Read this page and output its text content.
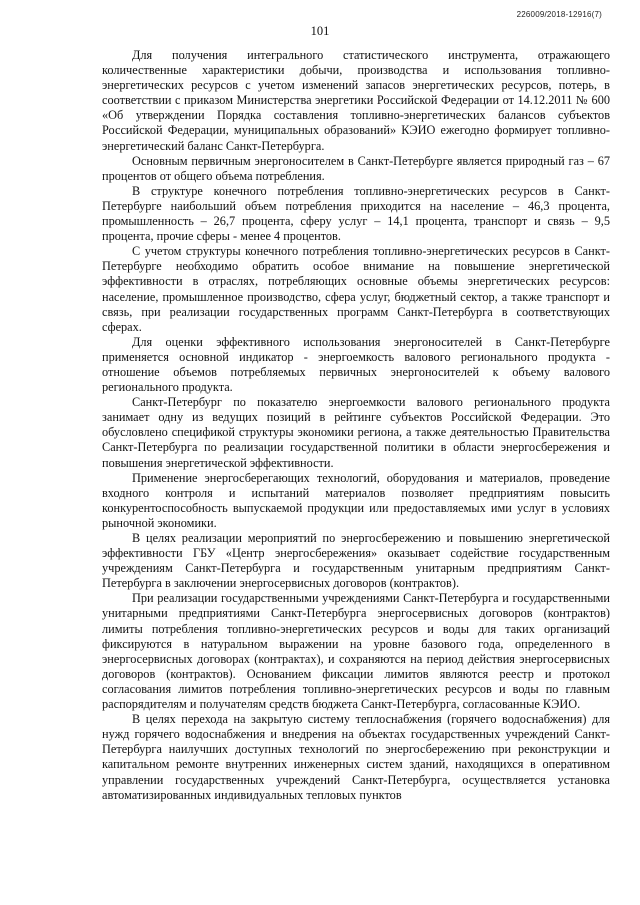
226009/2018-12916(7)
101

Для получения интегрального статистического инструмента, отражающего количественные характеристики добычи, производства и использования топливно-энергетических ресурсов с учетом изменений запасов энергетических ресурсов, потерь, в соответствии с приказом Министерства энергетики Российской Федерации от 14.12.2011 № 600 «Об утверждении Порядка составления топливно-энергетических балансов субъектов Российской Федерации, муниципальных образований» КЭИО ежегодно формирует топливно-энергетический баланс Санкт-Петербурга.

Основным первичным энергоносителем в Санкт-Петербурге является природный газ – 67 процентов от общего объема потребления.

В структуре конечного потребления топливно-энергетических ресурсов в Санкт-Петербурге наибольший объем потребления приходится на население – 46,3 процента, промышленность – 26,7 процента, сферу услуг – 14,1 процента, транспорт и связь – 9,5 процента, прочие сферы - менее 4 процентов.

С учетом структуры конечного потребления топливно-энергетических ресурсов в Санкт-Петербурге необходимо обратить особое внимание на повышение энергетической эффективности в отраслях, потребляющих основные объемы энергетических ресурсов: население, промышленное производство, сфера услуг, бюджетный сектор, а также транспорт и связь, при реализации государственных программ Санкт-Петербурга в соответствующих сферах.

Для оценки эффективного использования энергоносителей в Санкт-Петербурге применяется основной индикатор - энергоемкость валового регионального продукта - отношение объемов потребляемых первичных энергоносителей к объему валового регионального продукта.

Санкт-Петербург по показателю энергоемкости валового регионального продукта занимает одну из ведущих позиций в рейтинге субъектов Российской Федерации. Это обусловлено спецификой структуры экономики региона, а также деятельностью Правительства Санкт-Петербурга по реализации государственной политики в области энергосбережения и повышения энергетической эффективности.

Применение энергосберегающих технологий, оборудования и материалов, проведение входного контроля и испытаний материалов позволяет предприятиям повысить конкурентоспособность выпускаемой продукции или предоставляемых ими услуг в условиях рыночной экономики.

В целях реализации мероприятий по энергосбережению и повышению энергетической эффективности ГБУ «Центр энергосбережения» оказывает содействие государственным учреждениям Санкт-Петербурга и государственным унитарным предприятиям Санкт-Петербурга в заключении энергосервисных договоров (контрактов).

При реализации государственными учреждениями Санкт-Петербурга и государственными унитарными предприятиями Санкт-Петербурга энергосервисных договоров (контрактов) лимиты потребления топливно-энергетических ресурсов и воды для таких организаций фиксируются в натуральном выражении на уровне базового года, определенного в энергосервисных договорах (контрактах), и сохраняются на период действия энергосервисных договоров (контрактов). Основанием фиксации лимитов являются реестр и протокол согласования лимитов потребления топливно-энергетических ресурсов и воды по главным распорядителям и получателям средств бюджета Санкт-Петербурга, согласованные КЭИО.

В целях перехода на закрытую систему теплоснабжения (горячего водоснабжения) для нужд горячего водоснабжения и внедрения на объектах государственных учреждений Санкт-Петербурга наилучших доступных технологий по энергосбережению при реконструкции и капитальном ремонте внутренних инженерных систем зданий, находящихся в оперативном управлении государственных учреждений Санкт-Петербурга, осуществляется установка автоматизированных индивидуальных тепловых пунктов
